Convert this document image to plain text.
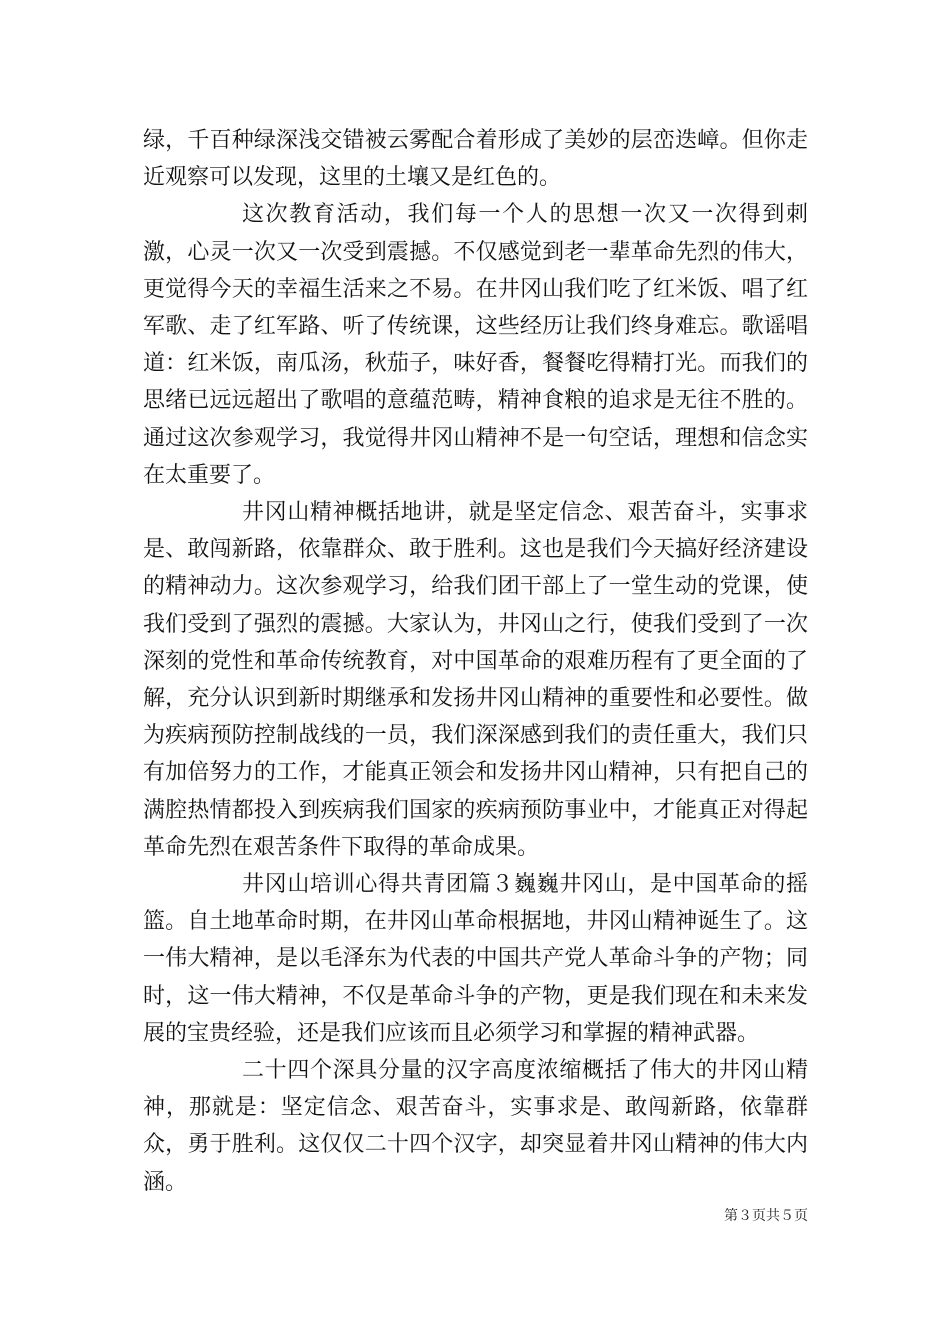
绿，千百种绿深浅交错被云雾配合着形成了美妙的层峦迭嶂。但你走近观察可以发现，这里的土壤又是红色的。

这次教育活动，我们每一个人的思想一次又一次得到刺激，心灵一次又一次受到震撼。不仅感觉到老一辈革命先烈的伟大，更觉得今天的幸福生活来之不易。在井冈山我们吃了红米饭、唱了红军歌、走了红军路、听了传统课，这些经历让我们终身难忘。歌谣唱道：红米饭，南瓜汤，秋茄子，味好香，餐餐吃得精打光。而我们的思绪已远远超出了歌唱的意蕴范畴，精神食粮的追求是无往不胜的。通过这次参观学习，我觉得井冈山精神不是一句空话，理想和信念实在太重要了。

井冈山精神概括地讲，就是坚定信念、艰苦奋斗，实事求是、敢闯新路，依靠群众、敢于胜利。这也是我们今天搞好经济建设的精神动力。这次参观学习，给我们团干部上了一堂生动的党课，使我们受到了强烈的震撼。大家认为，井冈山之行，使我们受到了一次深刻的党性和革命传统教育，对中国革命的艰难历程有了更全面的了解，充分认识到新时期继承和发扬井冈山精神的重要性和必要性。做为疾病预防控制战线的一员，我们深深感到我们的责任重大，我们只有加倍努力的工作，才能真正领会和发扬井冈山精神，只有把自己的满腔热情都投入到疾病我们国家的疾病预防事业中，才能真正对得起革命先烈在艰苦条件下取得的革命成果。

井冈山培训心得共青团篇３巍巍井冈山，是中国革命的摇篮。自土地革命时期，在井冈山革命根据地，井冈山精神诞生了。这一伟大精神，是以毛泽东为代表的中国共产党人革命斗争的产物；同时，这一伟大精神，不仅是革命斗争的产物，更是我们现在和未来发展的宝贵经验，还是我们应该而且必须学习和掌握的精神武器。

二十四个深具分量的汉字高度浓缩概括了伟大的井冈山精神，那就是：坚定信念、艰苦奋斗，实事求是、敢闯新路，依靠群众，勇于胜利。这仅仅二十四个汉字，却突显着井冈山精神的伟大内涵。

第３页共５页
